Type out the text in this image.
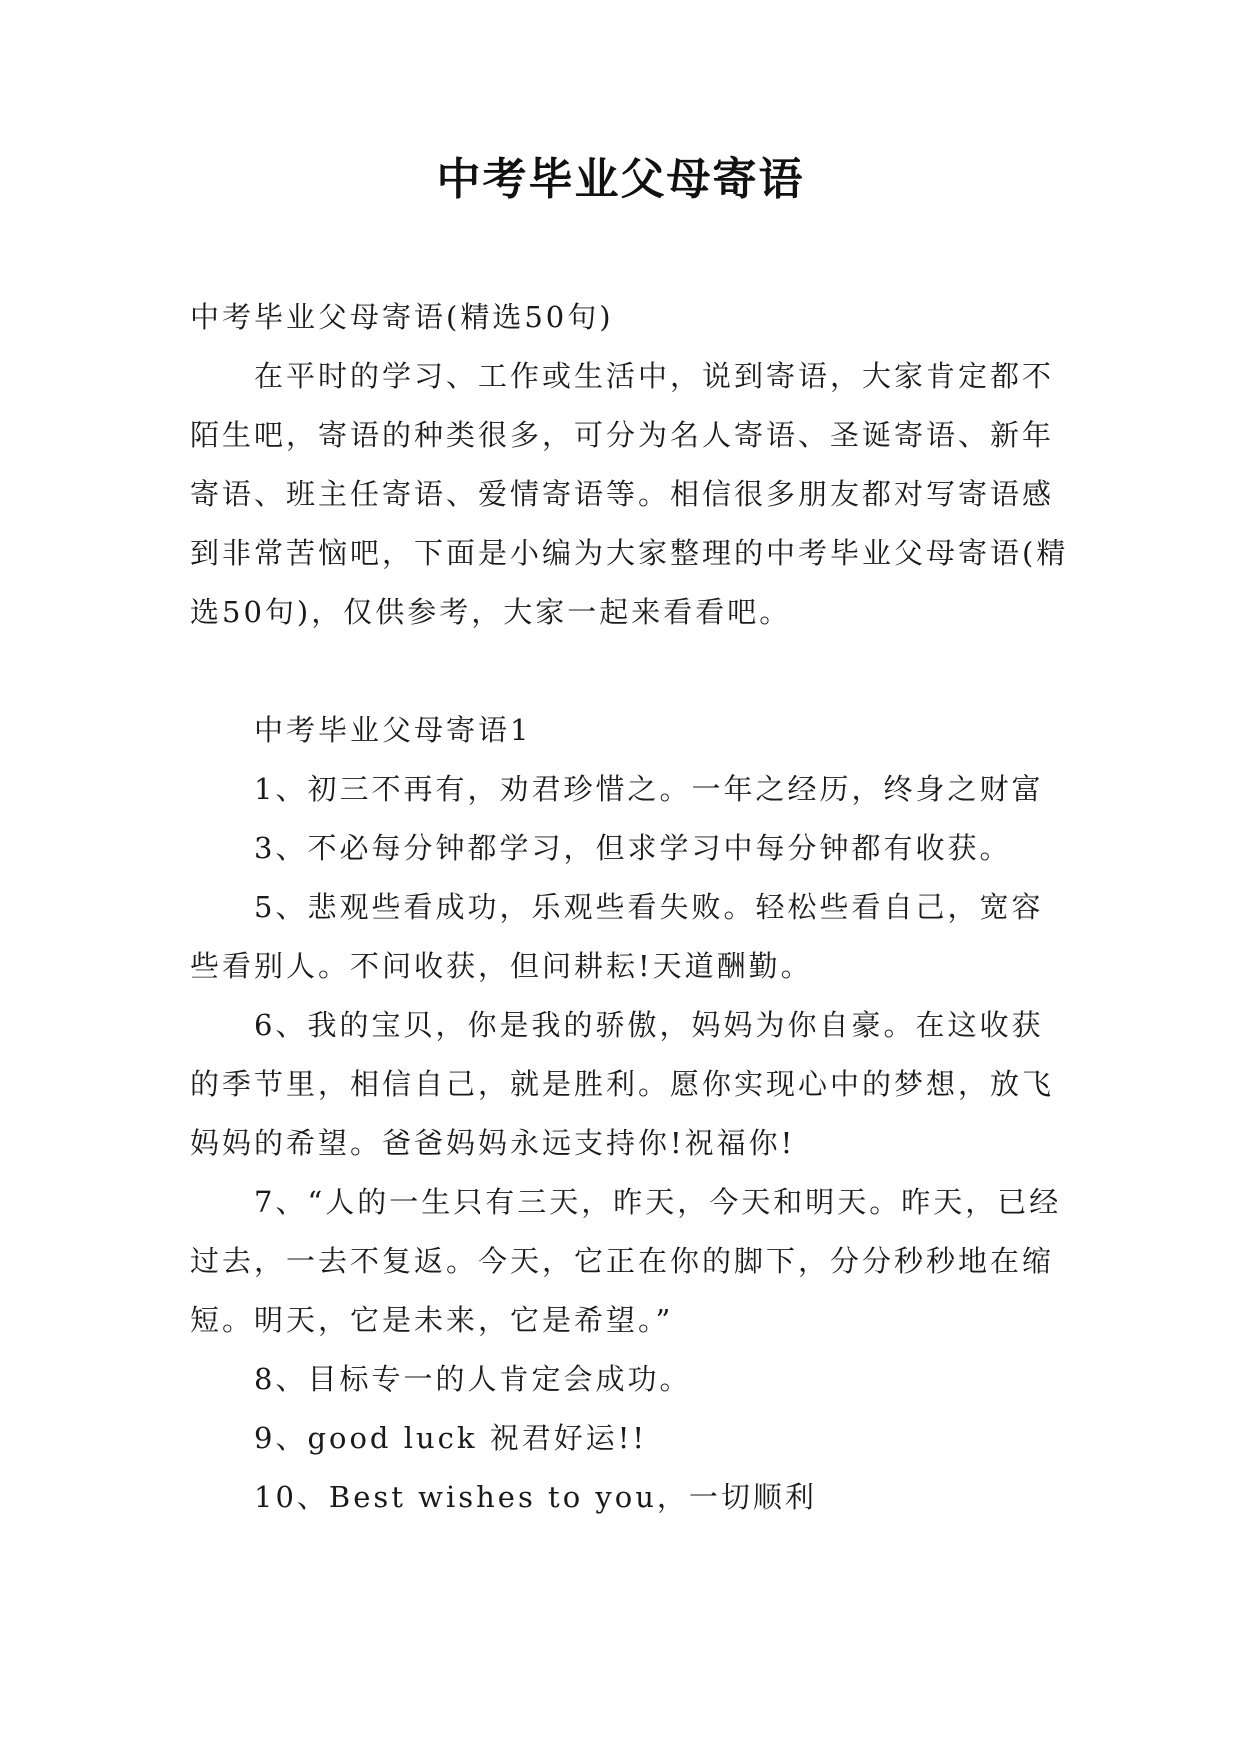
中考毕业父母寄语

中考毕业父母寄语(精选50句)

在平时的学习、工作或生活中，说到寄语，大家肯定都不陌生吧，寄语的种类很多，可分为名人寄语、圣诞寄语、新年寄语、班主任寄语、爱情寄语等。相信很多朋友都对写寄语感到非常苦恼吧，下面是小编为大家整理的中考毕业父母寄语(精选50句)，仅供参考，大家一起来看看吧。

中考毕业父母寄语1

1、初三不再有，劝君珍惜之。一年之经历，终身之财富

3、不必每分钟都学习，但求学习中每分钟都有收获。

5、悲观些看成功，乐观些看失败。轻松些看自己，宽容些看别人。不问收获，但问耕耘!天道酬勤。

6、我的宝贝，你是我的骄傲，妈妈为你自豪。在这收获的季节里，相信自己，就是胜利。愿你实现心中的梦想，放飞妈妈的希望。爸爸妈妈永远支持你!祝福你!

7、“人的一生只有三天，昨天，今天和明天。昨天，已经过去，一去不复返。今天，它正在你的脚下，分分秒秒地在缩短。明天，它是未来，它是希望。”

8、目标专一的人肯定会成功。

9、good luck 祝君好运!!

10、Best wishes to you，一切顺利
